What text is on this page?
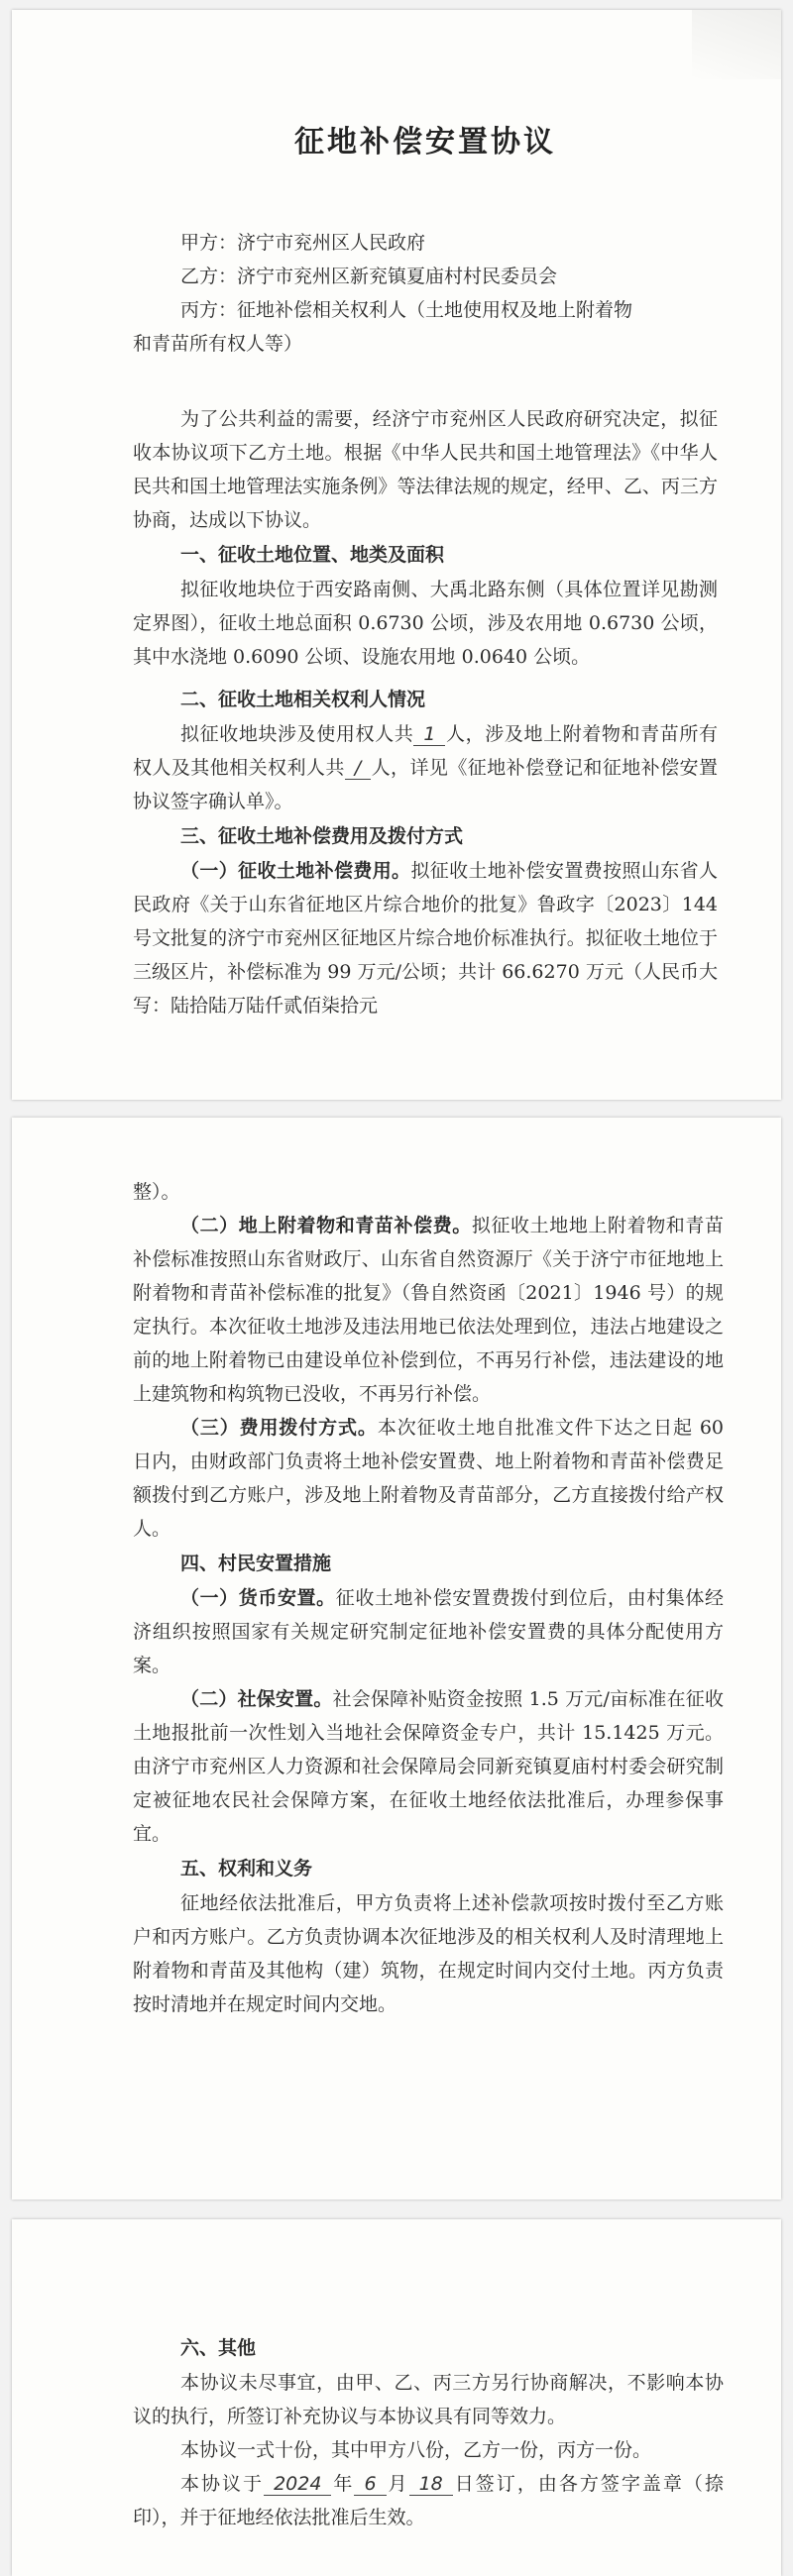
征地补偿安置协议
甲方：济宁市兖州区人民政府
乙方：济宁市兖州区新兖镇夏庙村村民委员会
丙方：征地补偿相关权利人（土地使用权及地上附着物
和青苗所有权人等）

为了公共利益的需要，经济宁市兖州区人民政府研究决定，拟征收本协议项下乙方土地。根据《中华人民共和国土地管理法》《中华人民共和国土地管理法实施条例》等法律法规的规定，经甲、乙、丙三方协商，达成以下协议。

一、征收土地位置、地类及面积

拟征收地块位于西安路南侧、大禹北路东侧（具体位置详见勘测定界图），征收土地总面积 0.6730 公顷，涉及农用地 0.6730 公顷，其中水浇地 0.6090 公顷、设施农用地 0.0640 公顷。

二、征收土地相关权利人情况

拟征收地块涉及使用权人共 1 人，涉及地上附着物和青苗所有权人及其他相关权利人共 / 人，详见《征地补偿登记和征地补偿安置协议签字确认单》。

三、征收土地补偿费用及拨付方式

（一）征收土地补偿费用。拟征收土地补偿安置费按照山东省人民政府《关于山东省征地区片综合地价的批复》鲁政字〔2023〕144 号文批复的济宁市兖州区征地区片综合地价标准执行。拟征收土地位于三级区片，补偿标准为 99 万元/公顷；共计 66.6270 万元（人民币大写：陆拾陆万陆仟贰佰柒拾元

整）。

（二）地上附着物和青苗补偿费。拟征收土地地上附着物和青苗补偿标准按照山东省财政厅、山东省自然资源厅《关于济宁市征地地上附着物和青苗补偿标准的批复》（鲁自然资函〔2021〕1946 号）的规定执行。本次征收土地涉及违法用地已依法处理到位，违法占地建设之前的地上附着物已由建设单位补偿到位，不再另行补偿，违法建设的地上建筑物和构筑物已没收，不再另行补偿。

（三）费用拨付方式。本次征收土地自批准文件下达之日起 60 日内，由财政部门负责将土地补偿安置费、地上附着物和青苗补偿费足额拨付到乙方账户，涉及地上附着物及青苗部分，乙方直接拨付给产权人。

四、村民安置措施

（一）货币安置。征收土地补偿安置费拨付到位后，由村集体经济组织按照国家有关规定研究制定征地补偿安置费的具体分配使用方案。

（二）社保安置。社会保障补贴资金按照 1.5 万元/亩标准在征收土地报批前一次性划入当地社会保障资金专户，共计 15.1425 万元。由济宁市兖州区人力资源和社会保障局会同新兖镇夏庙村村委会研究制定被征地农民社会保障方案，在征收土地经依法批准后，办理参保事宜。

五、权利和义务

征地经依法批准后，甲方负责将上述补偿款项按时拨付至乙方账户和丙方账户。乙方负责协调本次征地涉及的相关权利人及时清理地上附着物和青苗及其他构（建）筑物，在规定时间内交付土地。丙方负责按时清地并在规定时间内交地。

六、其他

本协议未尽事宜，由甲、乙、丙三方另行协商解决，不影响本协议的执行，所签订补充协议与本协议具有同等效力。

本协议一式十份，其中甲方八份，乙方一份，丙方一份。

本协议于 2024 年 6 月 18 日签订，由各方签字盖章（捺印），并于征地经依法批准后生效。
